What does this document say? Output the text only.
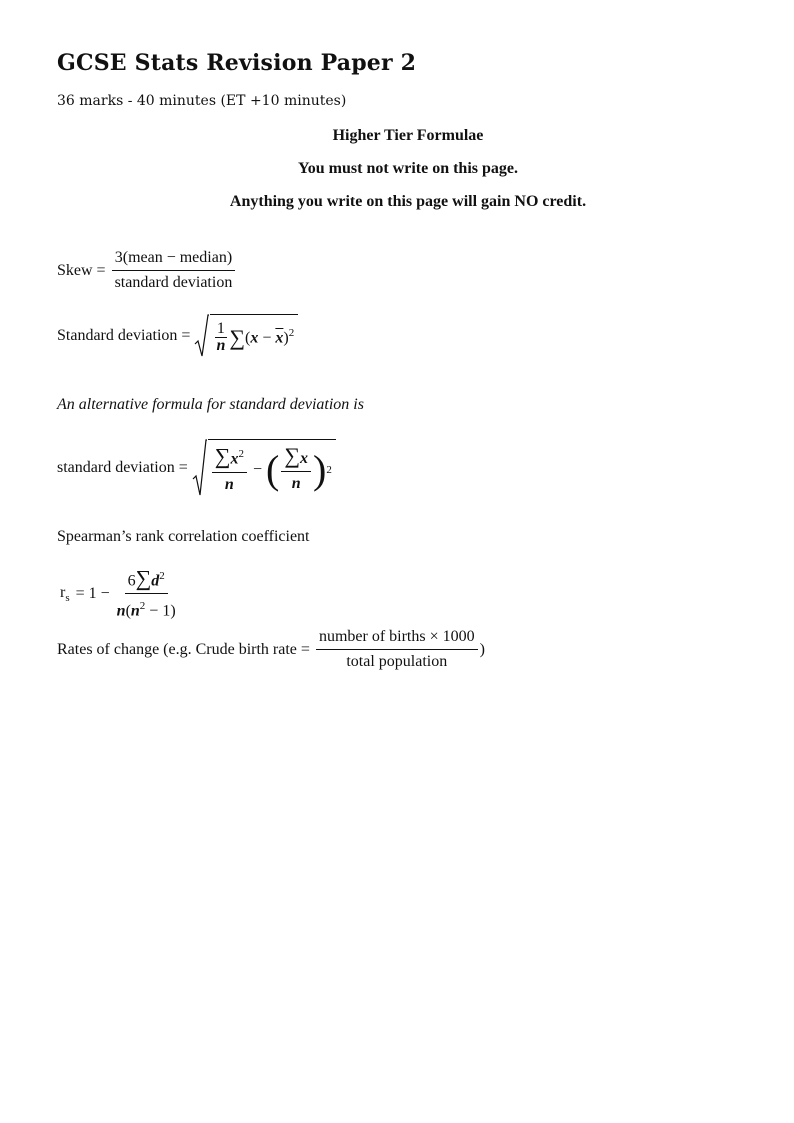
GCSE Stats Revision Paper 2
36 marks - 40 minutes (ET +10 minutes)
Higher Tier Formulae
You must not write on this page.
Anything you write on this page will gain NO credit.
Skew = $\frac{\text{3(mean − median)}}{\text{standard deviation}}$
Standard deviation = $\frac{1}{n}$ ∑ $(x - \overline{x})^2$
An alternative formula for standard deviation is
standard deviation = $\frac{\sum x^2}{n}$ − ( $\frac{\sum x}{n}$ ) 2
Spearman’s rank correlation coefficient
$r_s = 1 - \frac{6\sum d^2}{n(n^2 - 1)}$
Rates of change (e.g. Crude birth rate = $\frac{\text{number of births × 1000}}{\text{total population}}$ )
